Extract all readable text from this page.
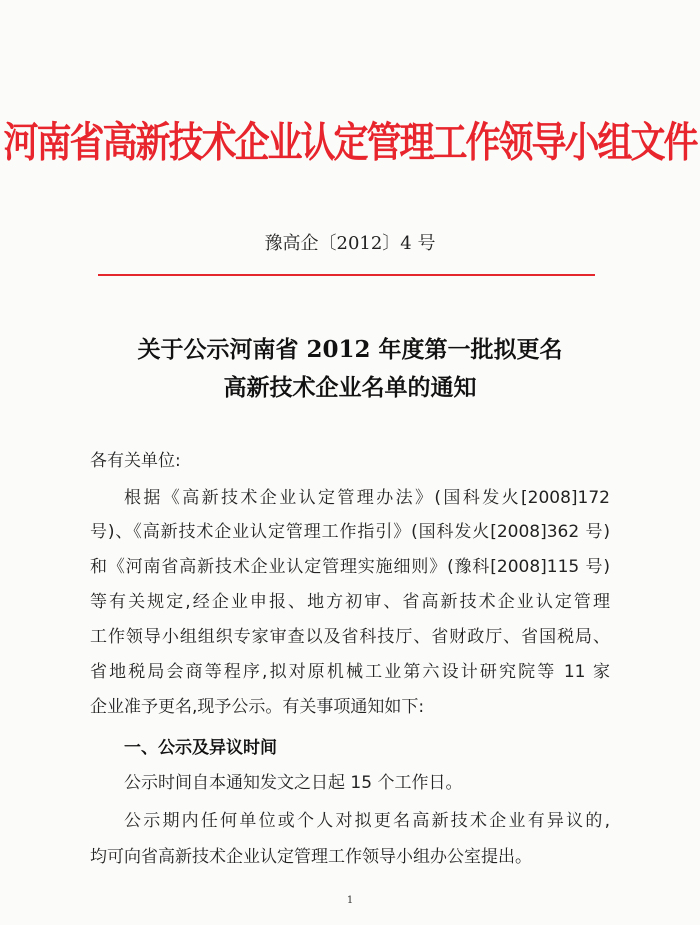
河南省高新技术企业认定管理工作领导小组文件
豫高企〔2012〕4 号
关于公示河南省 2012 年度第一批拟更名
高新技术企业名单的通知
各有关单位:
根据《高新技术企业认定管理办法》(国科发火[2008]172
号)、《高新技术企业认定管理工作指引》(国科发火[2008]362 号)
和《河南省高新技术企业认定管理实施细则》(豫科[2008]115 号)
等有关规定,经企业申报、地方初审、省高新技术企业认定管理
工作领导小组组织专家审查以及省科技厅、省财政厅、省国税局、
省地税局会商等程序,拟对原机械工业第六设计研究院等 11 家
企业准予更名,现予公示。有关事项通知如下:
一、公示及异议时间
公示时间自本通知发文之日起 15 个工作日。
公示期内任何单位或个人对拟更名高新技术企业有异议的,
均可向省高新技术企业认定管理工作领导小组办公室提出。
1
